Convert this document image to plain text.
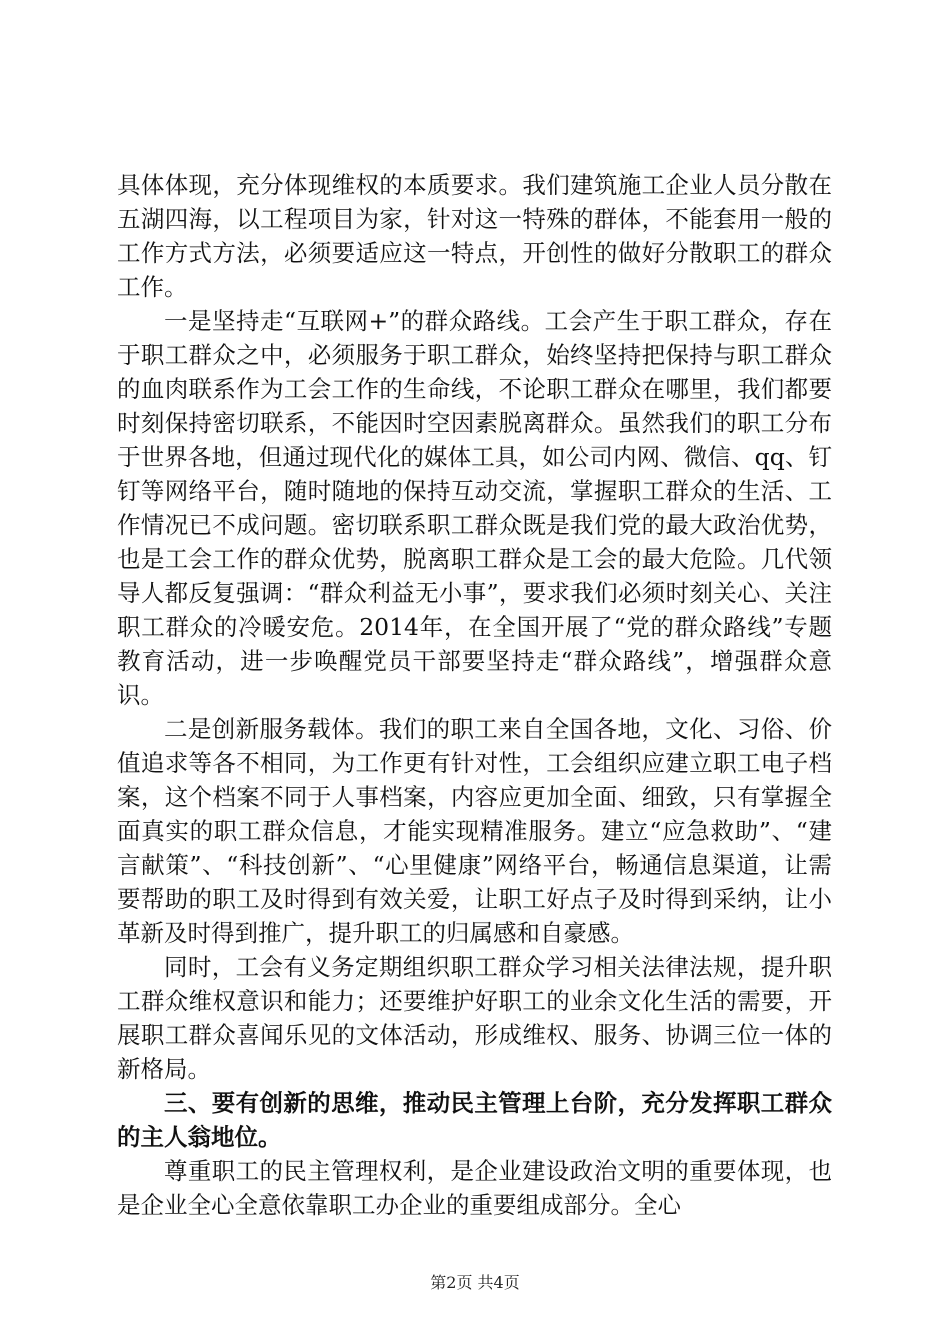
具体体现，充分体现维权的本质要求。我们建筑施工企业人员分散在五湖四海，以工程项目为家，针对这一特殊的群体，不能套用一般的工作方式方法，必须要适应这一特点，开创性的做好分散职工的群众工作。

一是坚持走“互联网+”的群众路线。工会产生于职工群众，存在于职工群众之中，必须服务于职工群众，始终坚持把保持与职工群众的血肉联系作为工会工作的生命线，不论职工群众在哪里，我们都要时刻保持密切联系，不能因时空因素脱离群众。虽然我们的职工分布于世界各地，但通过现代化的媒体工具，如公司内网、微信、qq、钉钉等网络平台，随时随地的保持互动交流，掌握职工群众的生活、工作情况已不成问题。密切联系职工群众既是我们党的最大政治优势，也是工会工作的群众优势，脱离职工群众是工会的最大危险。几代领导人都反复强调：“群众利益无小事”，要求我们必须时刻关心、关注职工群众的冷暖安危。2014年，在全国开展了“党的群众路线”专题教育活动，进一步唤醒党员干部要坚持走“群众路线”，增强群众意识。

二是创新服务载体。我们的职工来自全国各地，文化、习俗、价值追求等各不相同，为工作更有针对性，工会组织应建立职工电子档案，这个档案不同于人事档案，内容应更加全面、细致，只有掌握全面真实的职工群众信息，才能实现精准服务。建立“应急救助”、“建言献策”、“科技创新”、“心里健康”网络平台，畅通信息渠道，让需要帮助的职工及时得到有效关爱，让职工好点子及时得到采纳，让小革新及时得到推广，提升职工的归属感和自豪感。

同时，工会有义务定期组织职工群众学习相关法律法规，提升职工群众维权意识和能力；还要维护好职工的业余文化生活的需要，开展职工群众喜闻乐见的文体活动，形成维权、服务、协调三位一体的新格局。

三、要有创新的思维，推动民主管理上台阶，充分发挥职工群众的主人翁地位。

尊重职工的民主管理权利，是企业建设政治文明的重要体现，也是企业全心全意依靠职工办企业的重要组成部分。全心

第2页 共4页
